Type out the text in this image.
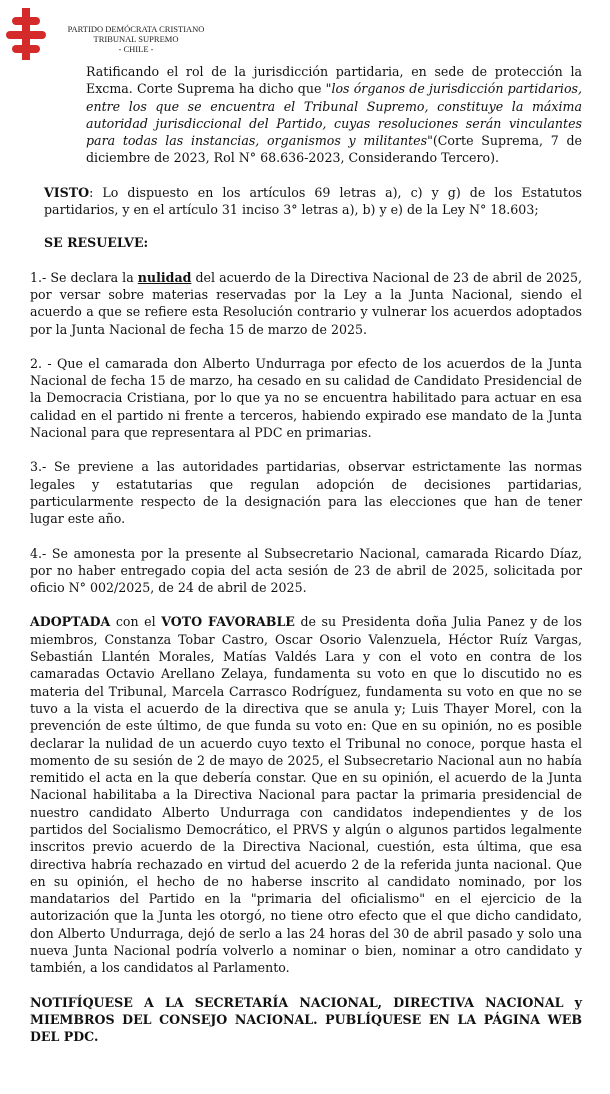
PARTIDO DEMÓCRATA CRISTIANO
TRIBUNAL SUPREMO
- CHILE -

Ratificando el rol de la jurisdicción partidaria, en sede de protección la Excma. Corte Suprema ha dicho que "los órganos de jurisdicción partidarios, entre los que se encuentra el Tribunal Supremo, constituye la máxima autoridad jurisdiccional del Partido, cuyas resoluciones serán vinculantes para todas las instancias, organismos y militantes"(Corte Suprema, 7 de diciembre de 2023, Rol N° 68.636-2023, Considerando Tercero).

VISTO: Lo dispuesto en los artículos 69 letras a), c) y g) de los Estatutos partidarios, y en el artículo 31 inciso 3° letras a), b) y e) de la Ley N° 18.603;

SE RESUELVE:

1.- Se declara la nulidad del acuerdo de la Directiva Nacional de 23 de abril de 2025, por versar sobre materias reservadas por la Ley a la Junta Nacional, siendo el acuerdo a que se refiere esta Resolución contrario y vulnerar los acuerdos adoptados por la Junta Nacional de fecha 15 de marzo de 2025.

2. - Que el camarada don Alberto Undurraga por efecto de los acuerdos de la Junta Nacional de fecha 15 de marzo, ha cesado en su calidad de Candidato Presidencial de la Democracia Cristiana, por lo que ya no se encuentra habilitado para actuar en esa calidad en el partido ni frente a terceros, habiendo expirado ese mandato de la Junta Nacional para que representara al PDC en primarias.

3.- Se previene a las autoridades partidarias, observar estrictamente las normas legales y estatutarias que regulan adopción de decisiones partidarias, particularmente respecto de la designación para las elecciones que han de tener lugar este año.

4.- Se amonesta por la presente al Subsecretario Nacional, camarada Ricardo Díaz, por no haber entregado copia del acta sesión de 23 de abril de 2025, solicitada por oficio N° 002/2025, de 24 de abril de 2025.

ADOPTADA con el VOTO FAVORABLE de su Presidenta doña Julia Panez y de los miembros, Constanza Tobar Castro, Oscar Osorio Valenzuela, Héctor Ruíz Vargas, Sebastián Llantén Morales, Matías Valdés Lara y con el voto en contra de los camaradas Octavio Arellano Zelaya, fundamenta su voto en que lo discutido no es materia del Tribunal, Marcela Carrasco Rodríguez, fundamenta su voto en que no se tuvo a la vista el acuerdo de la directiva que se anula y; Luis Thayer Morel, con la prevención de este último, de que funda su voto en: Que en su opinión, no es posible declarar la nulidad de un acuerdo cuyo texto el Tribunal no conoce, porque hasta el momento de su sesión de 2 de mayo de 2025, el Subsecretario Nacional aun no había remitido el acta en la que debería constar. Que en su opinión, el acuerdo de la Junta Nacional habilitaba a la Directiva Nacional para pactar la primaria presidencial de nuestro candidato Alberto Undurraga con candidatos independientes y de los partidos del Socialismo Democrático, el PRVS y algún o algunos partidos legalmente inscritos previo acuerdo de la Directiva Nacional, cuestión, esta última, que esa directiva habría rechazado en virtud del acuerdo 2 de la referida junta nacional. Que en su opinión, el hecho de no haberse inscrito al candidato nominado, por los mandatarios del Partido en la "primaria del oficialismo" en el ejercicio de la autorización que la Junta les otorgó, no tiene otro efecto que el que dicho candidato, don Alberto Undurraga, dejó de serlo a las 24 horas del 30 de abril pasado y solo una nueva Junta Nacional podría volverlo a nominar o bien, nominar a otro candidato y también, a los candidatos al Parlamento.

NOTIFÍQUESE A LA SECRETARÍA NACIONAL, DIRECTIVA NACIONAL y MIEMBROS DEL CONSEJO NACIONAL. PUBLÍQUESE EN LA PÁGINA WEB DEL PDC.
